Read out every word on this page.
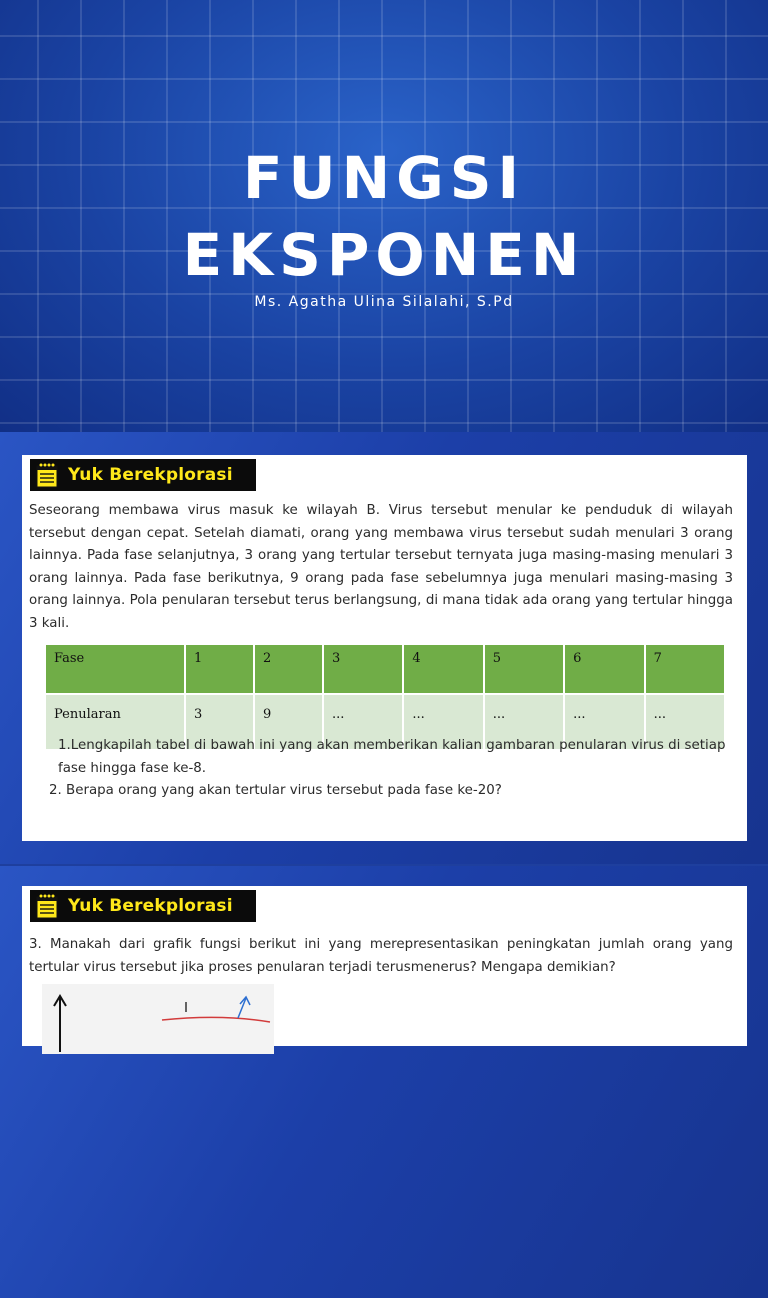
FUNGSI
EKSPONEN
Ms. Agatha Ulina Silalahi, S.Pd
Yuk Berekplorasi

Seseorang membawa virus masuk ke wilayah B. Virus tersebut menular ke penduduk di wilayah tersebut dengan cepat. Setelah diamati, orang yang membawa virus tersebut sudah menulari 3 orang lainnya. Pada fase selanjutnya, 3 orang yang tertular tersebut ternyata juga masing-masing menulari 3 orang lainnya. Pada fase berikutnya, 9 orang pada fase sebelumnya juga menulari masing-masing 3 orang lainnya. Pola penularan tersebut terus berlangsung, di mana tidak ada orang yang tertular hingga 3 kali.

Fase	1	2	3	4	5	6	7
Penularan	3	9	...	...	...	...	...
1.Lengkapilah tabel di bawah ini yang akan memberikan kalian gambaran penularan virus di setiap fase hingga fase ke-8.
2. Berapa orang yang akan tertular virus tersebut pada fase ke-20?
Yuk Berekplorasi

3. Manakah dari grafik fungsi berikut ini yang merepresentasikan peningkatan jumlah orang yang tertular virus tersebut jika proses penularan terjadi terusmenerus? Mengapa demikian?
